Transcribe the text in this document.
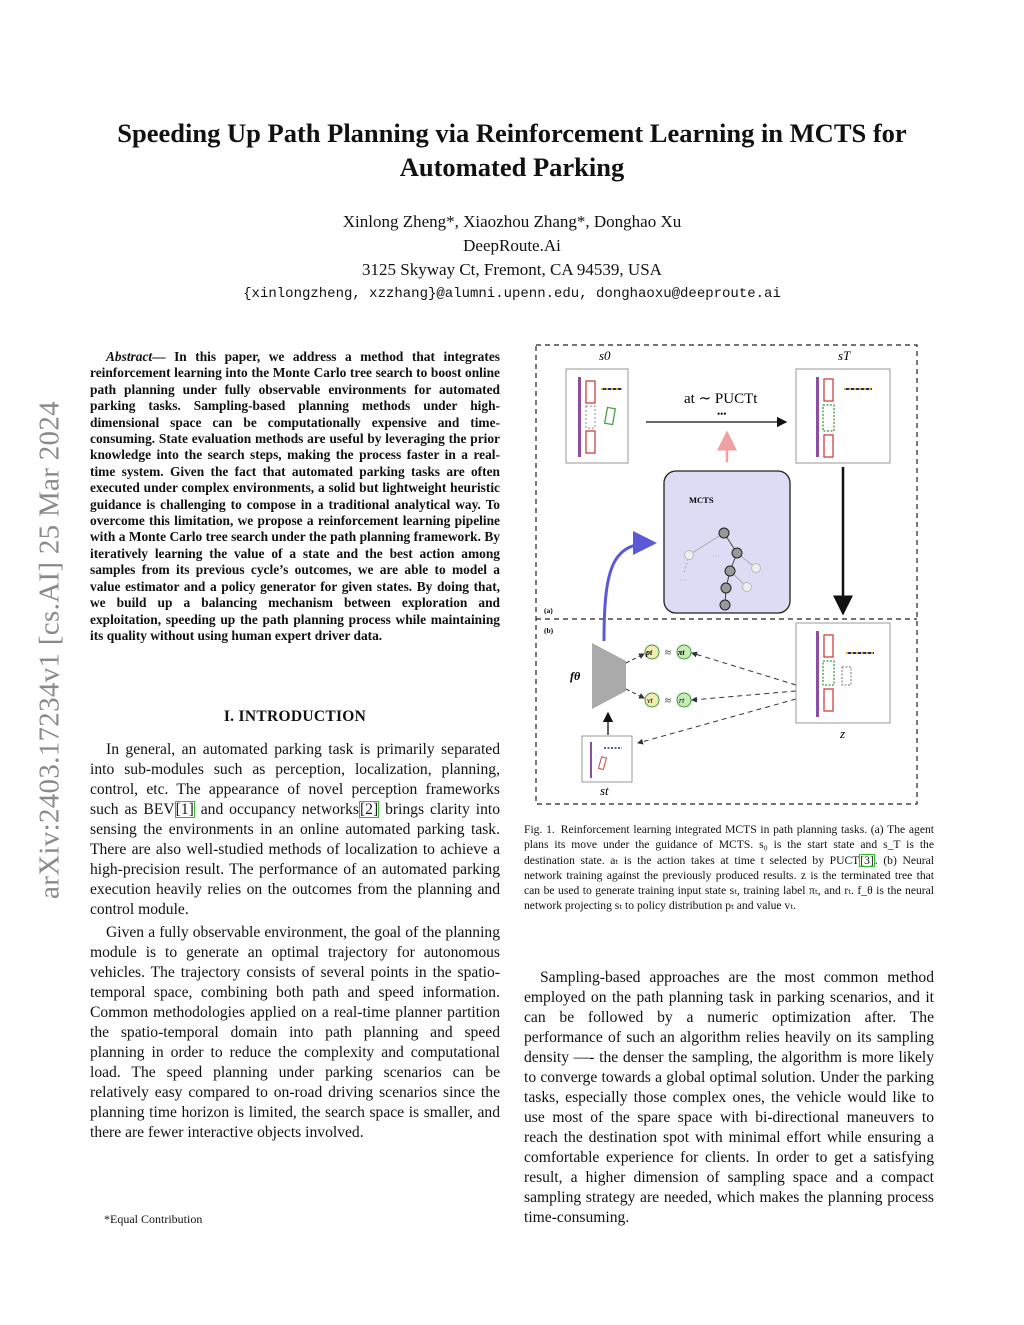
arXiv:2403.17234v1 [cs.AI] 25 Mar 2024
Speeding Up Path Planning via Reinforcement Learning in MCTS for Automated Parking
Xinlong Zheng*, Xiaozhou Zhang*, Donghao Xu
DeepRoute.Ai
3125 Skyway Ct, Fremont, CA 94539, USA
{xinlongzheng, xzzhang}@alumni.upenn.edu, donghaoxu@deeproute.ai

Abstract— In this paper, we address a method that integrates reinforcement learning into the Monte Carlo tree search to boost online path planning under fully observable environments for automated parking tasks. Sampling-based planning methods under high-dimensional space can be computationally expensive and time-consuming. State evaluation methods are useful by leveraging the prior knowledge into the search steps, making the process faster in a real-time system. Given the fact that automated parking tasks are often executed under complex environments, a solid but lightweight heuristic guidance is challenging to compose in a traditional analytical way. To overcome this limitation, we propose a reinforcement learning pipeline with a Monte Carlo tree search under the path planning framework. By iteratively learning the value of a state and the best action among samples from its previous cycle’s outcomes, we are able to model a value estimator and a policy generator for given states. By doing that, we build up a balancing mechanism between exploration and exploitation, speeding up the path planning process while maintaining its quality without using human expert driver data.

I. INTRODUCTION

In general, an automated parking task is primarily separated into sub-modules such as perception, localization, planning, control, etc. The appearance of novel perception frameworks such as BEV[1] and occupancy networks[2] brings clarity into sensing the environments in an online automated parking task. There are also well-studied methods of localization to achieve a high-precision result. The performance of an automated parking execution heavily relies on the outcomes from the planning and control module.

Given a fully observable environment, the goal of the planning module is to generate an optimal trajectory for autonomous vehicles. The trajectory consists of several points in the spatio-temporal space, combining both path and speed information. Common methodologies applied on a real-time planner partition the spatio-temporal domain into path planning and speed planning in order to reduce the complexity and computational load. The speed planning under parking scenarios can be relatively easy compared to on-road driving scenarios since the planning time horizon is limited, the search space is smaller, and there are fewer interactive objects involved.

*Equal Contribution
s0	sT
at ∼ PUCTt
•••
MCTS
···
···
(a)
(b)
fθ
st
pt ≈ πt
vt ≈ rt
z

Fig. 1. Reinforcement learning integrated MCTS in path planning tasks. (a) The agent plans its move under the guidance of MCTS. s₀ is the start state and s_T is the destination state. aₜ is the action takes at time t selected by PUCT[3]. (b) Neural network training against the previously produced results. z is the terminated tree that can be used to generate training input state sₜ, training label πₜ, and rₜ. f_θ is the neural network projecting sₜ to policy distribution pₜ and value vₜ.

Sampling-based approaches are the most common method employed on the path planning task in parking scenarios, and it can be followed by a numeric optimization after. The performance of such an algorithm relies heavily on its sampling density —- the denser the sampling, the algorithm is more likely to converge towards a global optimal solution. Under the parking tasks, especially those complex ones, the vehicle would like to use most of the spare space with bi-directional maneuvers to reach the destination spot with minimal effort while ensuring a comfortable experience for clients. In order to get a satisfying result, a higher dimension of sampling space and a compact sampling strategy are needed, which makes the planning process time-consuming.
